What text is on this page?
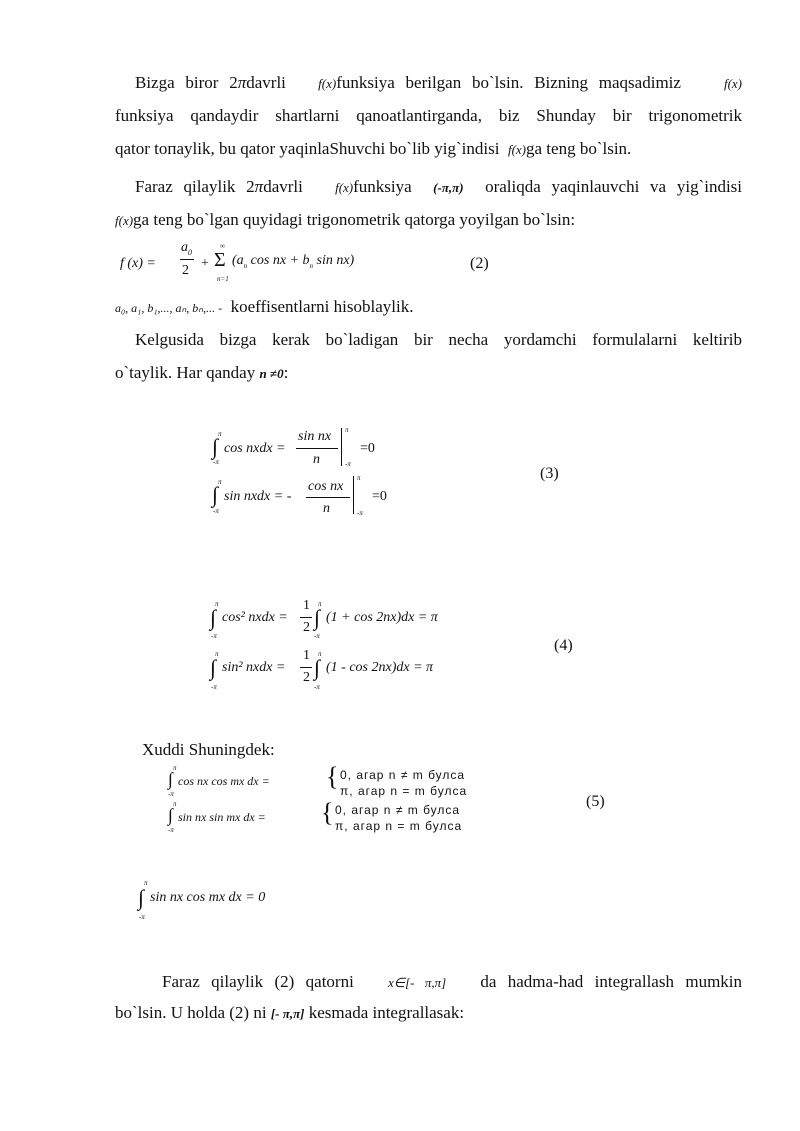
Bizga biror 2πdavrli f(x)funksiya berilgan bo`lsin. Bizning maqsadimiz	f(x)

funksiya qandaydir shartlarni qanoatlantirganda, biz Shunday bir trigonometrik

qator toпaylik, bu qator yaqinlaShuvchi bo`lib yig`indisi f(x)ga teng bo`lsin.

Faraz qilaylik 2πdavrli f(x)funksiya (-π,π) oraliqda yaqinlauvchi va yig`indisi

f(x)ga teng bo`lgan quyidagi trigonometrik qatorga yoyilgan bo`lsin:

f (x) =
$a_0$
2 + Σ
∞
n=1
($a_n$ cos nx + $b_n$ sin nx)	(2)

a₀, a₁, b₁,..., aₙ, bₙ,... - koeffisentlarni hisoblaylik.

Kelgusida bizga kerak bo`ladigan bir necha yordamchi formulalarni keltirib

o`taylik. Har qanday n ≠0:

∫ π
-π
cos nxdx =
sin nx
n
π
-π
=0
∫ π
-π
sin nxdx = -
cos nx
n
π
-π
=0
(3)
∫
π
-π
cos² nxdx =
1
2 ∫
π
-π
(1 + cos 2nx)dx = π
∫
π
-π
sin² nxdx =
1
2 ∫
π
-π
(1 - cos 2nx)dx = π
(4)

Xuddi Shuningdek:

∫
π
-π
cos nx cos mx dx = { 0, агар n ≠ m булса
π, агар n = m булса
∫
π
-π
sin nx sin mx dx = { 0, агар n ≠ m булса
π, агар n = m булса
(5)
∫
π
-π
sin nx cos mx dx = 0

Faraz qilaylik (2) qatorni	x∈[- π,π] da hadma-had integrallash mumkin

bo`lsin. U holda (2) ni [- π,π] kesmada integrallasak:
